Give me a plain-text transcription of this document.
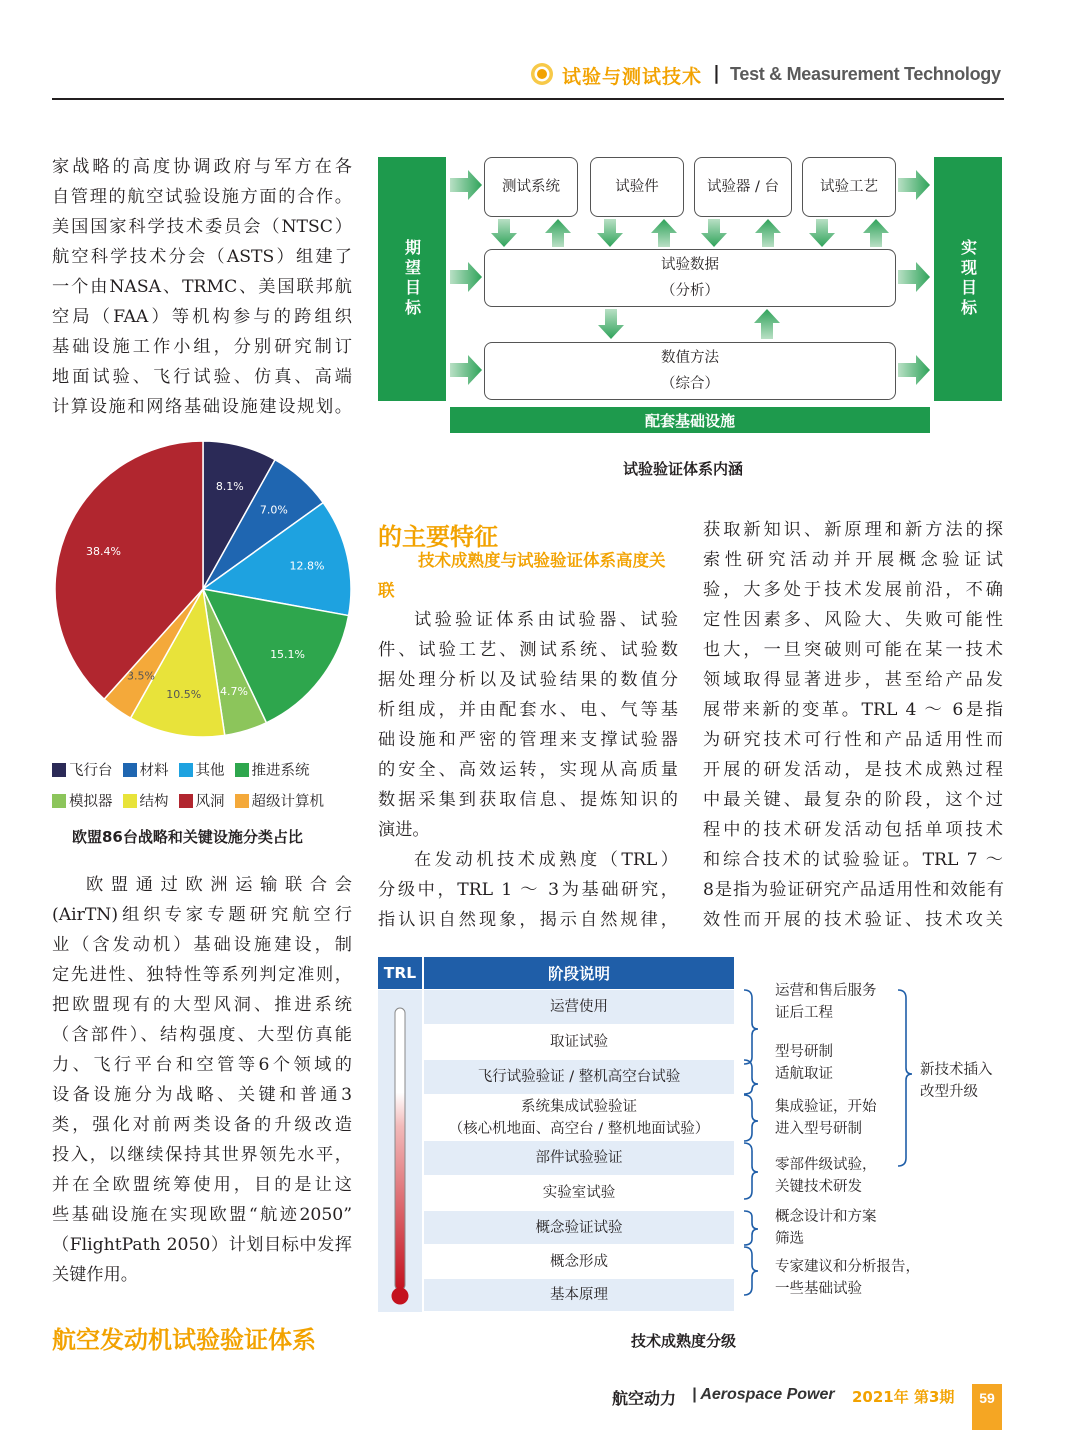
试验与测试技术 | Test & Measurement Technology
家战略的高度协调政府与军方在各
自管理的航空试验设施方面的合作。
美国国家科学技术委员会（NTSC）
航空科学技术分会（ASTS）组建了
一个由NASA、TRMC、美国联邦航
空局（FAA）等机构参与的跨组织
基础设施工作小组，分别研究制订
地面试验、飞行试验、仿真、高端
计算设施和网络基础设施建设规划。
8.1%
7.0%
12.8%
15.1%
4.7%
10.5%
3.5%
38.4%
飞行台 材料 其他 推进系统
模拟器 结构 风洞 超级计算机
欧盟86台战略和关键设施分类占比
欧盟通过欧洲运输联合会
(AirTN)组织专家专题研究航空行
业（含发动机）基础设施建设，制
定先进性、独特性等系列判定准则，
把欧盟现有的大型风洞、推进系统
（含部件）、结构强度、大型仿真能
力、飞行平台和空管等6个领域的
设备设施分为战略、关键和普通3
类，强化对前两类设备的升级改造
投入，以继续保持其世界领先水平，
并在全欧盟统筹使用，目的是让这
些基础设施在实现欧盟“航迹2050”
（FlightPath 2050）计划目标中发挥
关键作用。
航空发动机试验验证体系
期望目标	实现目标
测试系统	试验件	试验器 / 台	试验工艺
试验数据
（分析）
数值方法
（综合）
配套基础设施
试验验证体系内涵
的主要特征
技术成熟度与试验验证体系高度关联
试验验证体系由试验器、试验
件、试验工艺、测试系统、试验数
据处理分析以及试验结果的数值分
析组成，并由配套水、电、气等基
础设施和严密的管理来支撑试验器
的安全、高效运转，实现从高质量
数据采集到获取信息、提炼知识的
演进。
在发动机技术成熟度（TRL）
分级中，TRL 1 ～ 3为基础研究，
指认识自然现象，揭示自然规律，
获取新知识、新原理和新方法的探
索性研究活动并开展概念验证试
验，大多处于技术发展前沿，不确
定性因素多、风险大、失败可能性
也大，一旦突破则可能在某一技术
领域取得显著进步，甚至给产品发
展带来新的变革。TRL 4 ～ 6是指
为研究技术可行性和产品适用性而
开展的研发活动，是技术成熟过程
中最关键、最复杂的阶段，这个过
程中的技术研发活动包括单项技术
和综合技术的试验验证。TRL 7 ～
8是指为验证研究产品适用性和效能有
效性而开展的技术验证、技术攻关
TRL	阶段说明
运营使用
取证试验
飞行试验验证 / 整机高空台试验
系统集成试验验证
（核心机地面、高空台 / 整机地面试验）
部件试验验证
实验室试验
概念验证试验
概念形成
基本原理
运营和售后服务
证后工程
型号研制
适航取证
集成验证，开始
进入型号研制
零部件级试验，
关键技术研发
概念设计和方案
筛选
专家建议和分析报告，
一些基础试验
新技术插入
改型升级
技术成熟度分级
航空动力 | Aerospace Power 2021年 第3期	59
